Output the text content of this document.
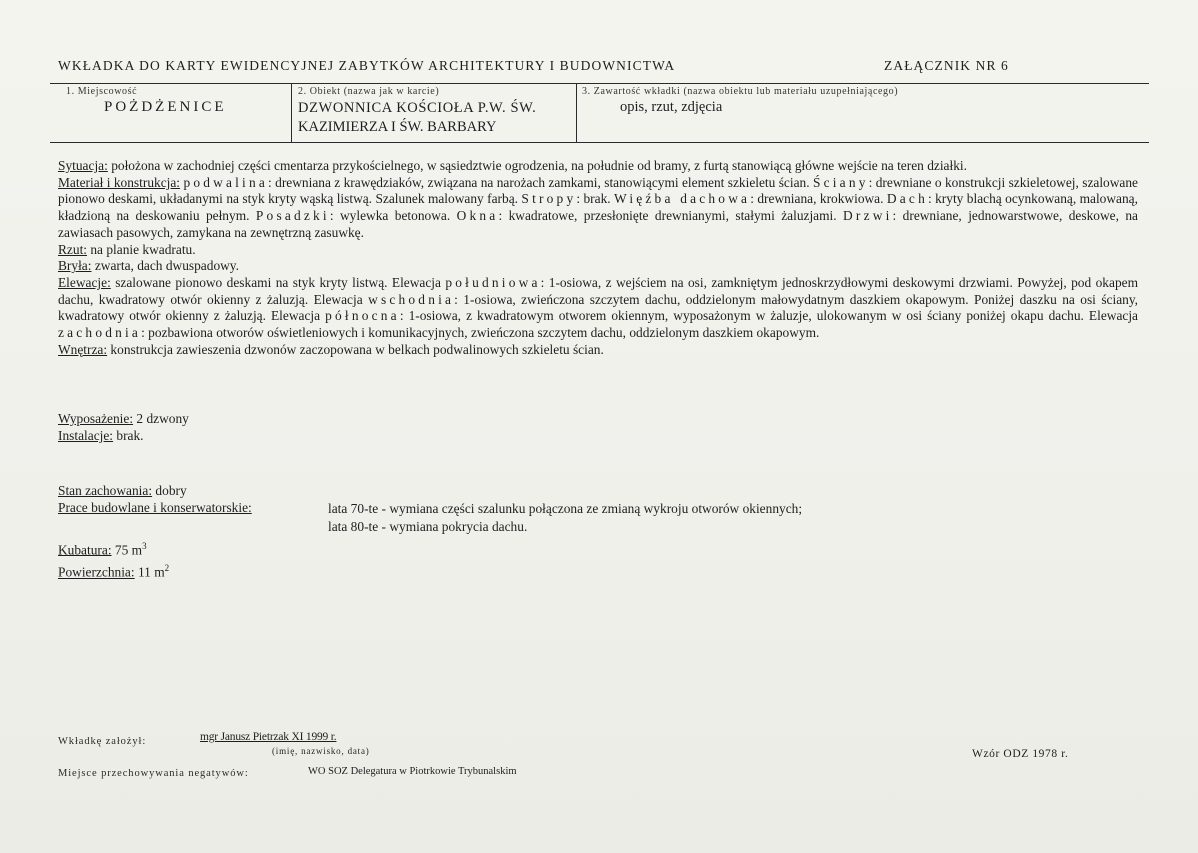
WKŁADKA DO KARTY EWIDENCYJNEJ ZABYTKÓW ARCHITEKTURY I BUDOWNICTWA	ZAŁĄCZNIK NR 6
1. Miejscowość
POŻDŻENICE
2. Obiekt (nazwa jak w karcie)
DZWONNICA KOŚCIOŁA P.W. ŚW.
KAZIMIERZA I ŚW. BARBARY
3. Zawartość wkładki (nazwa obiektu lub materiału uzupełniającego)
opis, rzut, zdjęcia

Sytuacja: położona w zachodniej części cmentarza przykościelnego, w sąsiedztwie ogrodzenia, na południe od bramy, z furtą stanowiącą główne wejście na teren działki.

Materiał i konstrukcja: podwalina: drewniana z krawędziaków, związana na narożach zamkami, stanowiącymi element szkieletu ścian. Ściany: drewniane o konstrukcji szkieletowej, szalowane pionowo deskami, układanymi na styk kryty wąską listwą. Szalunek malowany farbą. Stropy: brak. Więźba dachowa: drewniana, krokwiowa. Dach: kryty blachą ocynkowaną, malowaną, kładzioną na deskowaniu pełnym. Posadzki: wylewka betonowa. Okna: kwadratowe, przesłonięte drewnianymi, stałymi żaluzjami. Drzwi: drewniane, jednowarstwowe, deskowe, na zawiasach pasowych, zamykana na zewnętrzną zasuwkę.

Rzut: na planie kwadratu.

Bryła: zwarta, dach dwuspadowy.

Elewacje: szalowane pionowo deskami na styk kryty listwą. Elewacja południowa: 1-osiowa, z wejściem na osi, zamkniętym jednoskrzydłowymi deskowymi drzwiami. Powyżej, pod okapem dachu, kwadratowy otwór okienny z żaluzją. Elewacja wschodnia: 1-osiowa, zwieńczona szczytem dachu, oddzielonym małowydatnym daszkiem okapowym. Poniżej daszku na osi ściany, kwadratowy otwór okienny z żaluzją. Elewacja północna: 1-osiowa, z kwadratowym otworem okiennym, wyposażonym w żaluzje, ulokowanym w osi ściany poniżej okapu dachu. Elewacja zachodnia: pozbawiona otworów oświetleniowych i komunikacyjnych, zwieńczona szczytem dachu, oddzielonym daszkiem okapowym.

Wnętrza: konstrukcja zawieszenia dzwonów zaczopowana w belkach podwalinowych szkieletu ścian.

Wyposażenie: 2 dzwony
Instalacje: brak.
Stan zachowania: dobry
Prace budowlane i konserwatorskie:	lata 70-te - wymiana części szalunku połączona ze zmianą wykroju otworów okiennych;
lata 80-te - wymiana pokrycia dachu.
Kubatura: 75 $m^3$
Powierzchnia: 11 $m^2$
Wkładkę założył:	mgr Janusz Pietrzak XI 1999 r.
(imię, nazwisko, data)
Miejsce przechowywania negatywów:	WO SOZ Delegatura w Piotrkowie Trybunalskim
Wzór ODZ 1978 r.
